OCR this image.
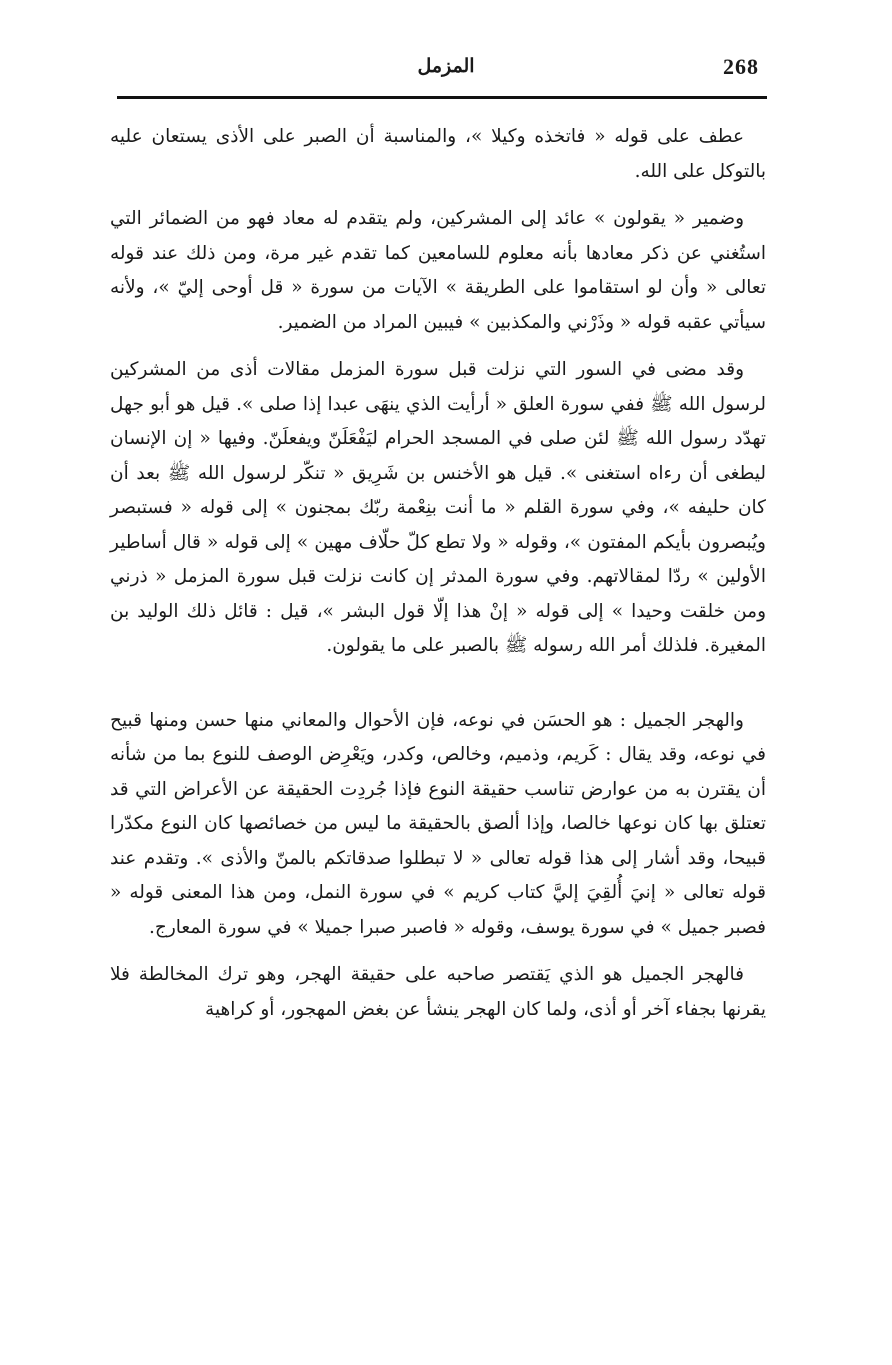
268
المزمل

عطف على قوله « فاتخذه وكيلا »، والمناسبة أن الصبر على الأذى يستعان عليه بالتوكل على الله.

وضمير « يقولون » عائد إلى المشركين، ولم يتقدم له معاد فهو من الضمائر التي استُغني عن ذكر معادها بأنه معلوم للسامعين كما تقدم غير مرة، ومن ذلك عند قوله تعالى « وأن لو استقاموا على الطريقة » الآيات من سورة « قل أوحى إليّ »، ولأنه سيأتي عقبه قوله « وذَرْني والمكذبين » فيبين المراد من الضمير.

وقد مضى في السور التي نزلت قبل سورة المزمل مقالات أذى من المشركين لرسول الله ﷺ ففي سورة العلق « أرأيت الذي ينهَى عبدا إذا صلى ». قيل هو أبو جهل تهدّد رسول الله ﷺ لئن صلى في المسجد الحرام ليَفْعَلَنّ ويفعلَنّ. وفيها « إن الإنسان ليطغى أن رءاه استغنى ». قيل هو الأخنس بن شَرِيق « تنكّر لرسول الله ﷺ بعد أن كان حليفه »، وفي سورة القلم « ما أنت بنِعْمة ربّك بمجنون » إلى قوله « فستبصر ويُبصرون بأيكم المفتون »، وقوله « ولا تطع كلّ حلّاف مهين » إلى قوله « قال أساطير الأولين » ردّا لمقالاتهم. وفي سورة المدثر إن كانت نزلت قبل سورة المزمل « ذرني ومن خلقت وحيدا » إلى قوله « إنْ هذا إلّا قول البشر »، قيل : قائل ذلك الوليد بن المغيرة. فلذلك أمر الله رسوله ﷺ بالصبر على ما يقولون.

والهجر الجميل : هو الحسَن في نوعه، فإن الأحوال والمعاني منها حسن ومنها قبيح في نوعه، وقد يقال : كَريم، وذميم، وخالص، وكدر، ويَعْرِض الوصف للنوع بما من شأنه أن يقترن به من عوارض تناسب حقيقة النوع فإذا جُردِت الحقيقة عن الأعراض التي قد تعتلق بها كان نوعها خالصا، وإذا ألصق بالحقيقة ما ليس من خصائصها كان النوع مكدّرا قبيحا، وقد أشار إلى هذا قوله تعالى « لا تبطلوا صدقاتكم بالمنّ والأذى ». وتقدم عند قوله تعالى « إنيَ أُلقِيَ إليَّ كتاب كريم » في سورة النمل، ومن هذا المعنى قوله « فصبر جميل » في سورة يوسف، وقوله « فاصبر صبرا جميلا » في سورة المعارج.

فالهجر الجميل هو الذي يَقتصر صاحبه على حقيقة الهجر، وهو ترك المخالطة فلا يقرنها بجفاء آخر أو أذى، ولما كان الهجر ينشأ عن بغض المهجور، أو كراهية
